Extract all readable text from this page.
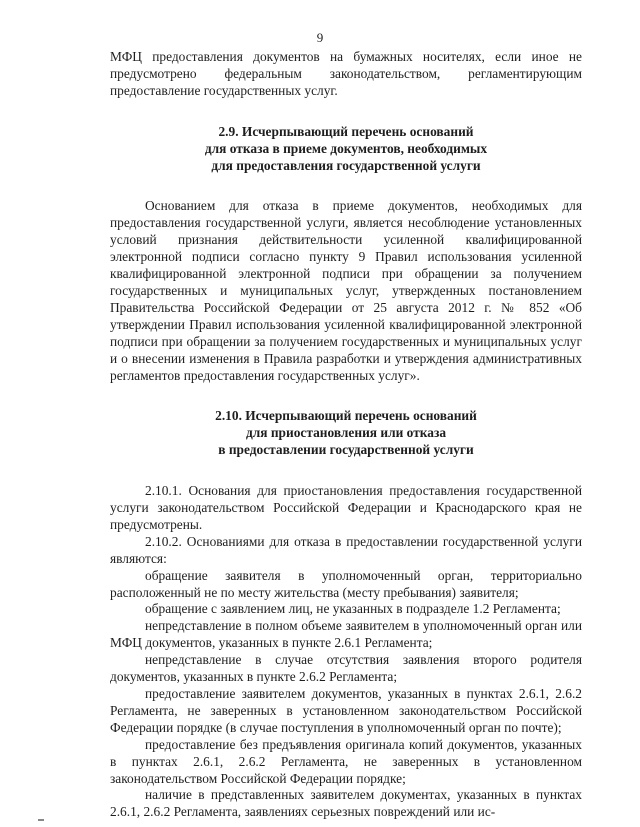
9

МФЦ предоставления документов на бумажных носителях, если иное не предусмотрено федеральным законодательством, регламентирующим предоставление государственных услуг.

2.9. Исчерпывающий перечень оснований
для отказа в приеме документов, необходимых
для предоставления государственной услуги

Основанием для отказа в приеме документов, необходимых для предоставления государственной услуги, является несоблюдение установленных условий признания действительности усиленной квалифицированной электронной подписи согласно пункту 9 Правил использования усиленной квалифицированной электронной подписи при обращении за получением государственных и муниципальных услуг, утвержденных постановлением Правительства Российской Федерации от 25 августа 2012 г. № 852 «Об утверждении Правил использования усиленной квалифицированной электронной подписи при обращении за получением государственных и муниципальных услуг и о внесении изменения в Правила разработки и утверждения административных регламентов предоставления государственных услуг».

2.10. Исчерпывающий перечень оснований
для приостановления или отказа
в предоставлении государственной услуги

2.10.1. Основания для приостановления предоставления государственной услуги законодательством Российской Федерации и Краснодарского края не предусмотрены.

2.10.2. Основаниями для отказа в предоставлении государственной услуги являются:

обращение заявителя в уполномоченный орган, территориально расположенный не по месту жительства (месту пребывания) заявителя;

обращение с заявлением лиц, не указанных в подразделе 1.2 Регламента;

непредставление в полном объеме заявителем в уполномоченный орган или МФЦ документов, указанных в пункте 2.6.1 Регламента;

непредставление в случае отсутствия заявления второго родителя документов, указанных в пункте 2.6.2 Регламента;

предоставление заявителем документов, указанных в пунктах 2.6.1, 2.6.2 Регламента, не заверенных в установленном законодательством Российской Федерации порядке (в случае поступления в уполномоченный орган по почте);

предоставление без предъявления оригинала копий документов, указанных в пунктах 2.6.1, 2.6.2 Регламента, не заверенных в установленном законодательством Российской Федерации порядке;

наличие в представленных заявителем документах, указанных в пунктах 2.6.1, 2.6.2 Регламента, заявлениях серьезных повреждений или ис-
